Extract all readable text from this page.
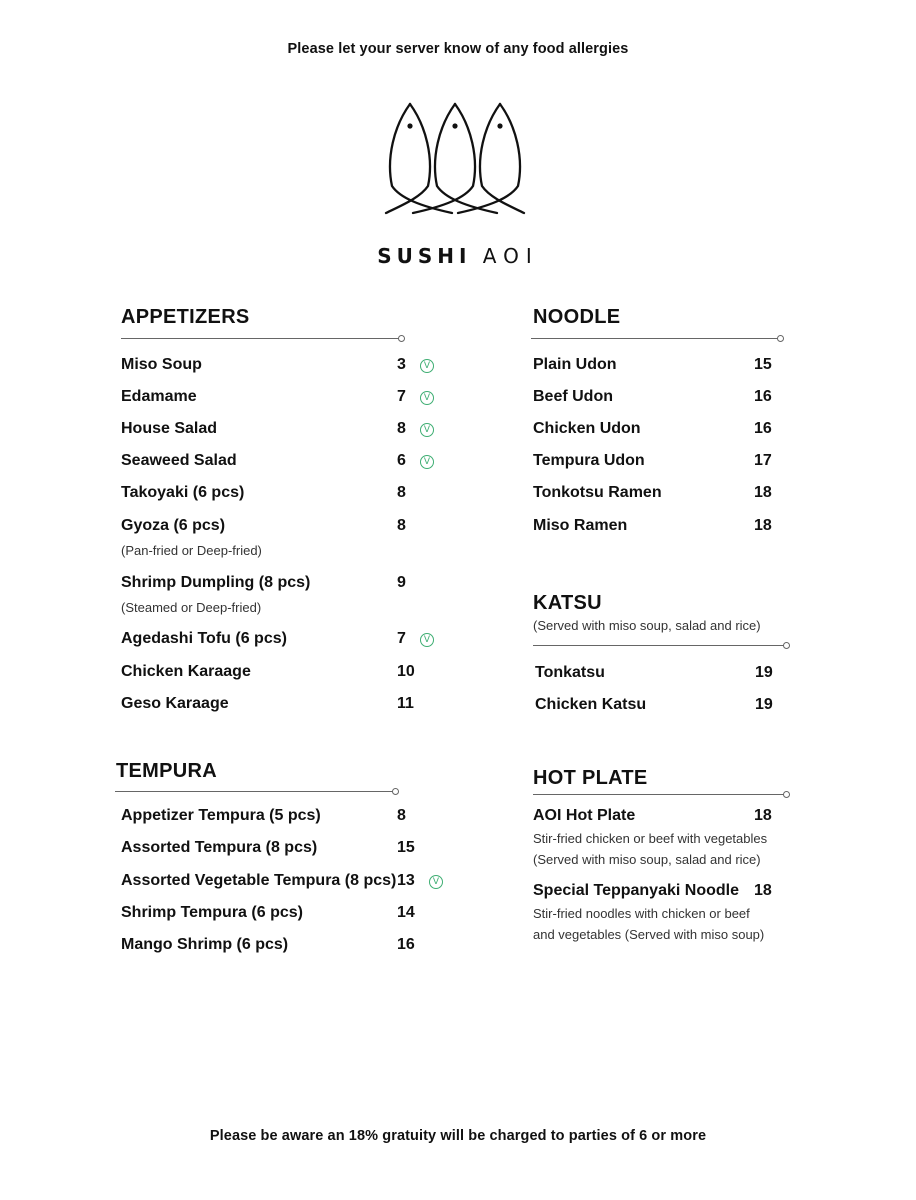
Please let your server know of any food allergies
SUSHI AOI
APPETIZERS
Miso Soup	3	V
Edamame	7	V
House Salad	8	V
Seaweed Salad	6	V
Takoyaki (6 pcs)	8
Gyoza (6 pcs)	8
(Pan-fried or Deep-fried)
Shrimp Dumpling (8 pcs)	9
(Steamed or Deep-fried)
Agedashi Tofu (6 pcs)	7	V
Chicken Karaage	10
Geso Karaage	11
TEMPURA
Appetizer Tempura (5 pcs)	8
Assorted Tempura (8 pcs)	15
Assorted Vegetable Tempura (8 pcs) 13	V
Shrimp Tempura (6 pcs)	14
Mango Shrimp (6 pcs)	16
NOODLE
Plain Udon	15
Beef Udon	16
Chicken Udon	16
Tempura Udon	17
Tonkotsu Ramen	18
Miso Ramen	18
KATSU
(Served with miso soup, salad and rice)
Tonkatsu	19
Chicken Katsu	19
HOT PLATE
AOI Hot Plate	18
Stir-fried chicken or beef with vegetables
(Served with miso soup, salad and rice)
Special Teppanyaki Noodle 18
Stir-fried noodles with chicken or beef
and vegetables (Served with miso soup)
Please be aware an 18% gratuity will be charged to parties of 6 or more
